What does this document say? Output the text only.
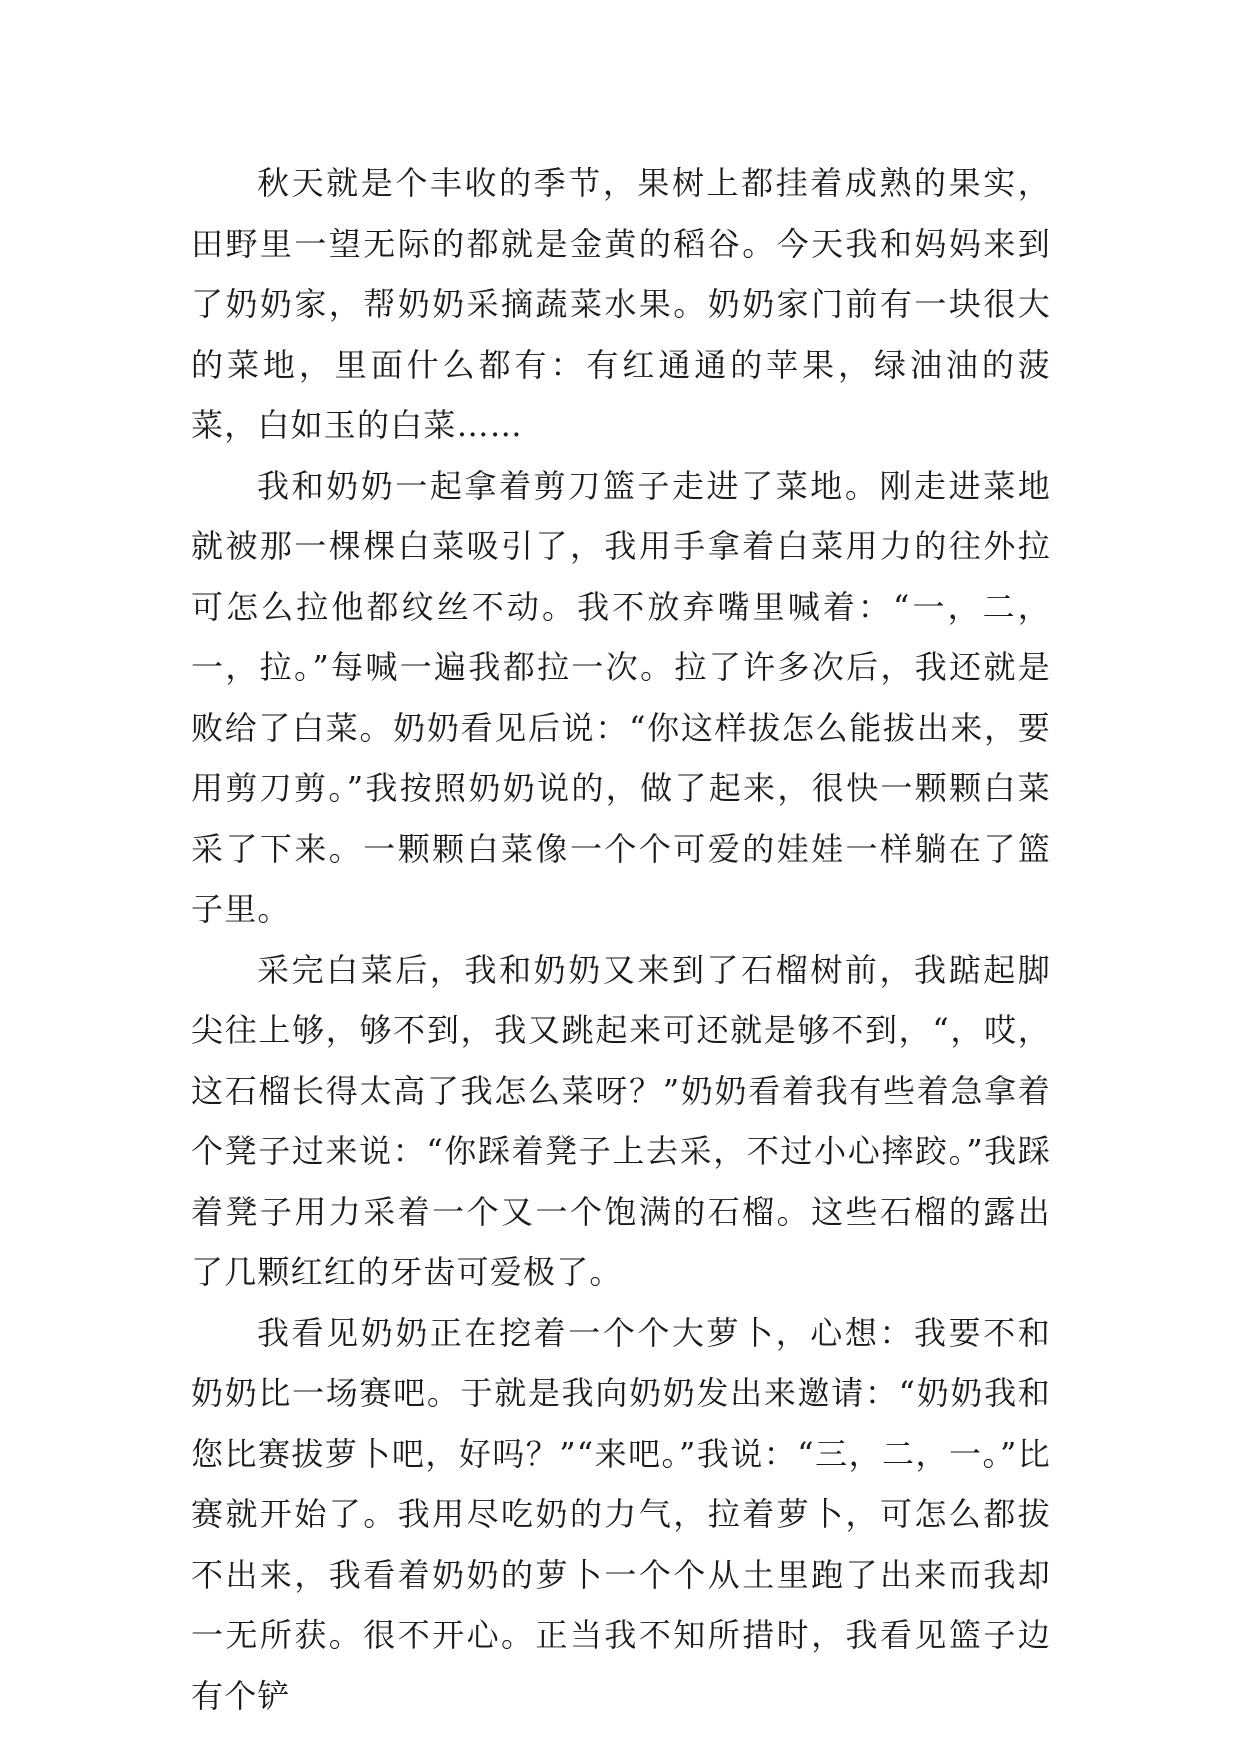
秋天就是个丰收的季节，果树上都挂着成熟的果实，田野里一望无际的都就是金黄的稻谷。今天我和妈妈来到了奶奶家，帮奶奶采摘蔬菜水果。奶奶家门前有一块很大的菜地，里面什么都有：有红通通的苹果，绿油油的菠菜，白如玉的白菜……

我和奶奶一起拿着剪刀篮子走进了菜地。刚走进菜地就被那一棵棵白菜吸引了，我用手拿着白菜用力的往外拉可怎么拉他都纹丝不动。我不放弃嘴里喊着：“一，二，一，拉。”每喊一遍我都拉一次。拉了许多次后，我还就是败给了白菜。奶奶看见后说：“你这样拔怎么能拔出来，要用剪刀剪。”我按照奶奶说的，做了起来，很快一颗颗白菜采了下来。一颗颗白菜像一个个可爱的娃娃一样躺在了篮子里。

采完白菜后，我和奶奶又来到了石榴树前，我踮起脚尖往上够，够不到，我又跳起来可还就是够不到，“，哎，这石榴长得太高了我怎么菜呀？”奶奶看着我有些着急拿着个凳子过来说：“你踩着凳子上去采，不过小心摔跤。”我踩着凳子用力采着一个又一个饱满的石榴。这些石榴的露出了几颗红红的牙齿可爱极了。

我看见奶奶正在挖着一个个大萝卜，心想：我要不和奶奶比一场赛吧。于就是我向奶奶发出来邀请：“奶奶我和您比赛拔萝卜吧，好吗？”“来吧。”我说：“三，二，一。”比赛就开始了。我用尽吃奶的力气，拉着萝卜，可怎么都拔不出来，我看着奶奶的萝卜一个个从土里跑了出来而我却一无所获。很不开心。正当我不知所措时，我看见篮子边有个铲
